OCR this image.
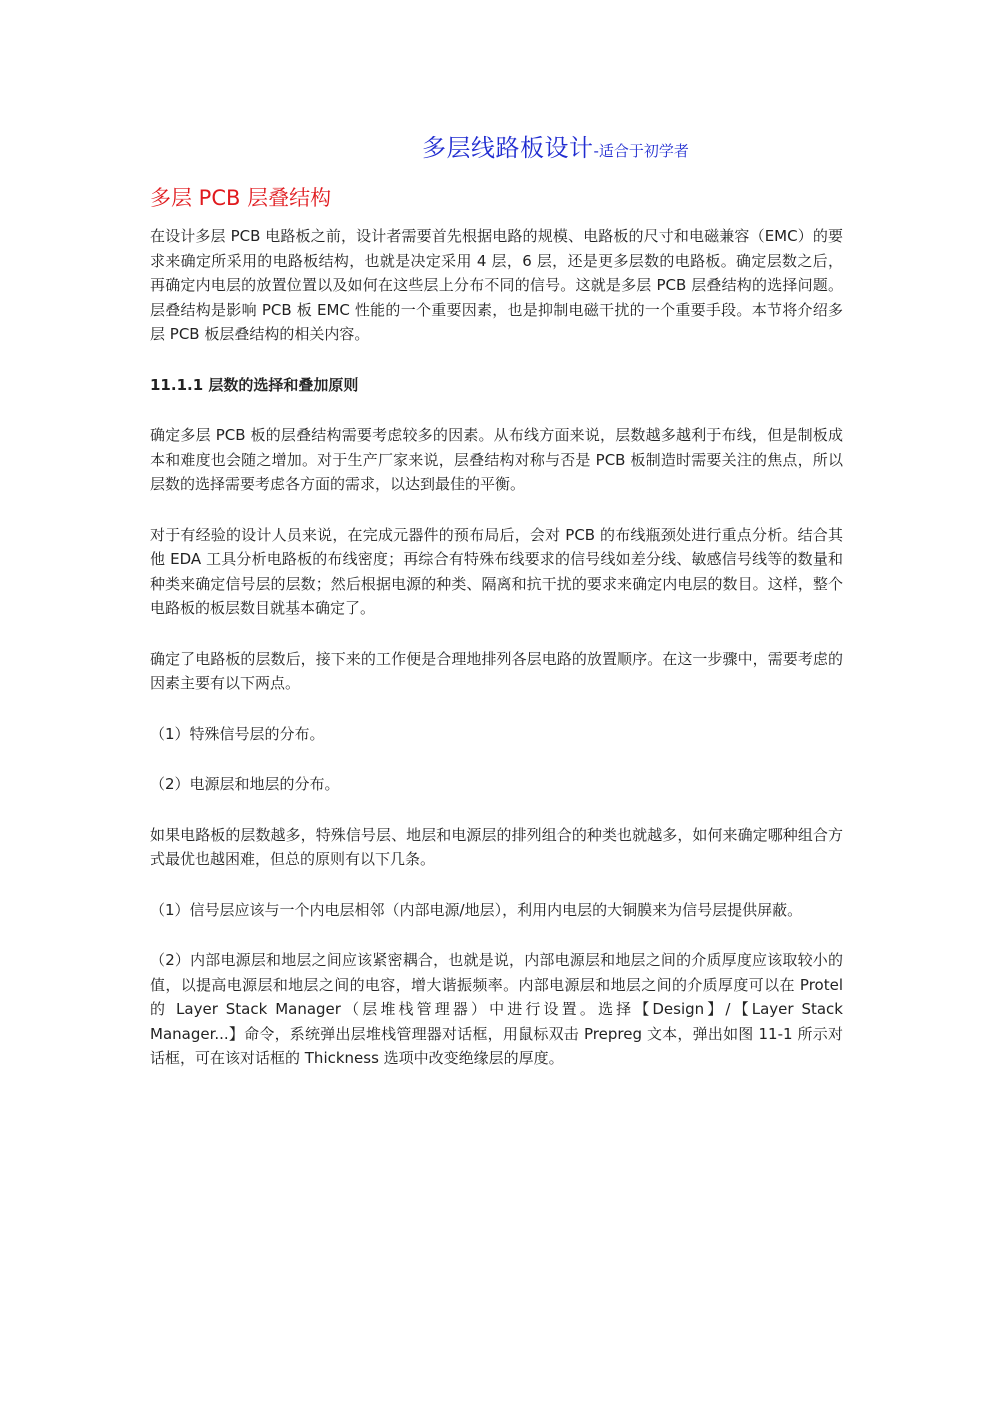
多层线路板设计-适合于初学者
多层 PCB 层叠结构

在设计多层 PCB 电路板之前，设计者需要首先根据电路的规模、电路板的尺寸和电磁兼容（EMC）的要求来确定所采用的电路板结构，也就是决定采用 4 层，6 层，还是更多层数的电路板。确定层数之后，再确定内电层的放置位置以及如何在这些层上分布不同的信号。这就是多层 PCB 层叠结构的选择问题。层叠结构是影响 PCB 板 EMC 性能的一个重要因素，也是抑制电磁干扰的一个重要手段。本节将介绍多层 PCB 板层叠结构的相关内容。

11.1.1 层数的选择和叠加原则

确定多层 PCB 板的层叠结构需要考虑较多的因素。从布线方面来说，层数越多越利于布线，但是制板成本和难度也会随之增加。对于生产厂家来说，层叠结构对称与否是 PCB 板制造时需要关注的焦点，所以层数的选择需要考虑各方面的需求，以达到最佳的平衡。

对于有经验的设计人员来说，在完成元器件的预布局后，会对 PCB 的布线瓶颈处进行重点分析。结合其他 EDA 工具分析电路板的布线密度；再综合有特殊布线要求的信号线如差分线、敏感信号线等的数量和种类来确定信号层的层数；然后根据电源的种类、隔离和抗干扰的要求来确定内电层的数目。这样，整个电路板的板层数目就基本确定了。

确定了电路板的层数后，接下来的工作便是合理地排列各层电路的放置顺序。在这一步骤中，需要考虑的因素主要有以下两点。

（1）特殊信号层的分布。

（2）电源层和地层的分布。

如果电路板的层数越多，特殊信号层、地层和电源层的排列组合的种类也就越多，如何来确定哪种组合方式最优也越困难，但总的原则有以下几条。

（1）信号层应该与一个内电层相邻（内部电源/地层），利用内电层的大铜膜来为信号层提供屏蔽。

（2）内部电源层和地层之间应该紧密耦合，也就是说，内部电源层和地层之间的介质厚度应该取较小的值，以提高电源层和地层之间的电容，增大谐振频率。内部电源层和地层之间的介质厚度可以在 Protel 的 Layer Stack Manager（层堆栈管理器）中进行设置。选择【Design】/【Layer Stack Manager...】命令，系统弹出层堆栈管理器对话框，用鼠标双击 Prepreg 文本，弹出如图 11-1 所示对话框，可在该对话框的 Thickness 选项中改变绝缘层的厚度。
